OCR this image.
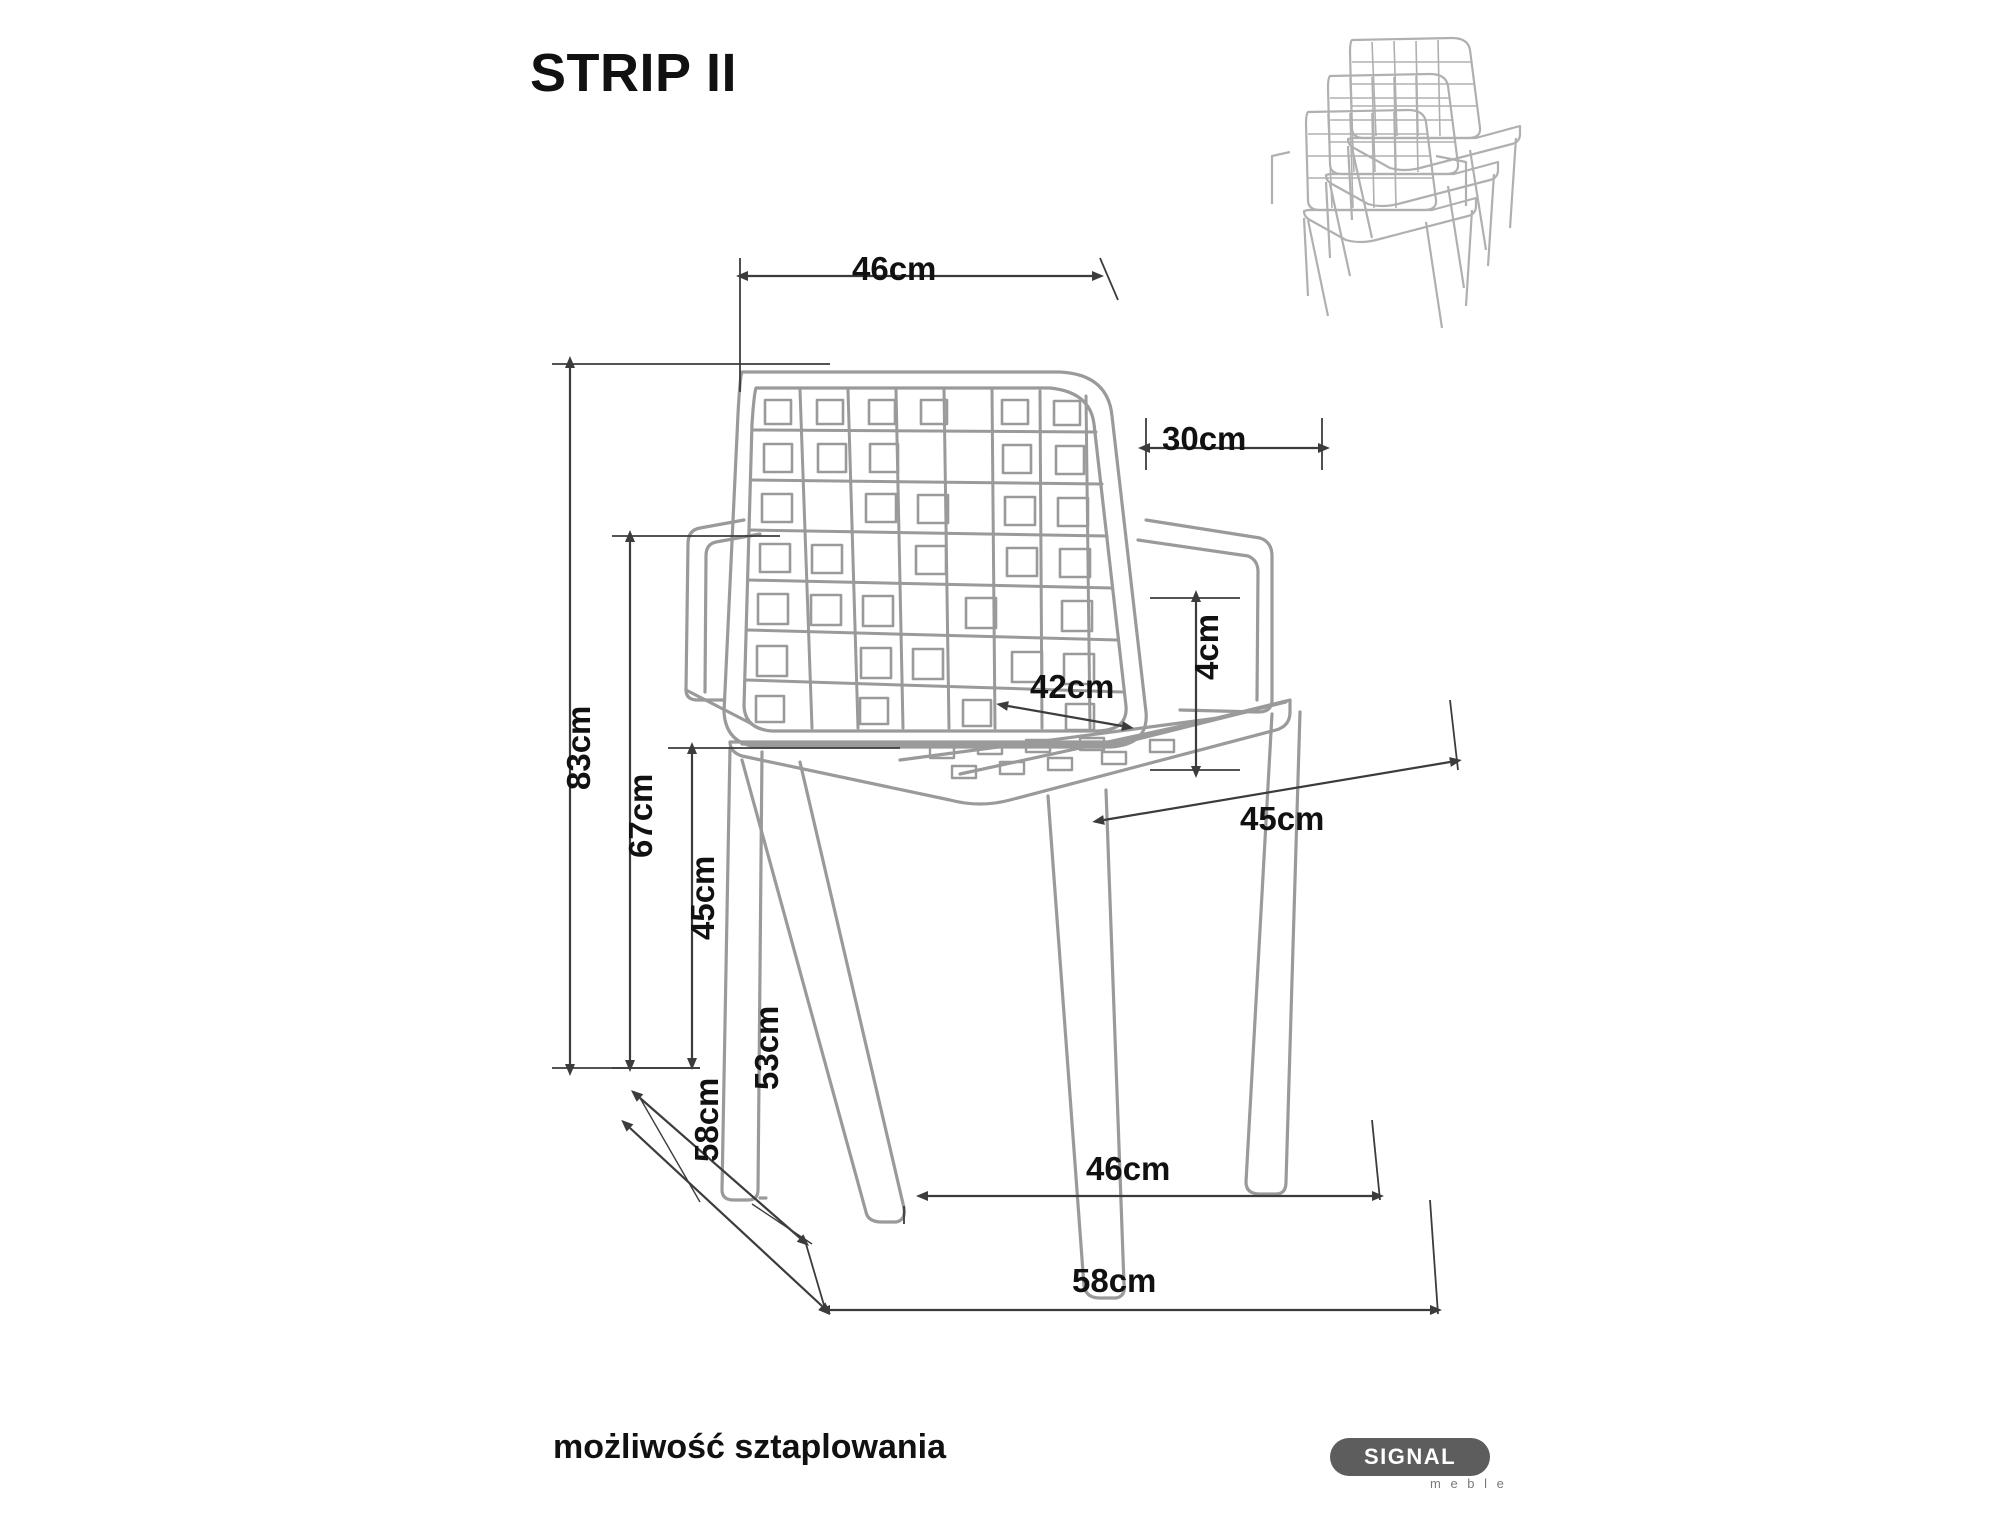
STRIP II
46cm
30cm
4cm
42cm
45cm
83cm
67cm
45cm
53cm
58cm
46cm
58cm
możliwość sztaplowania	SIGNAL
m e b l e
